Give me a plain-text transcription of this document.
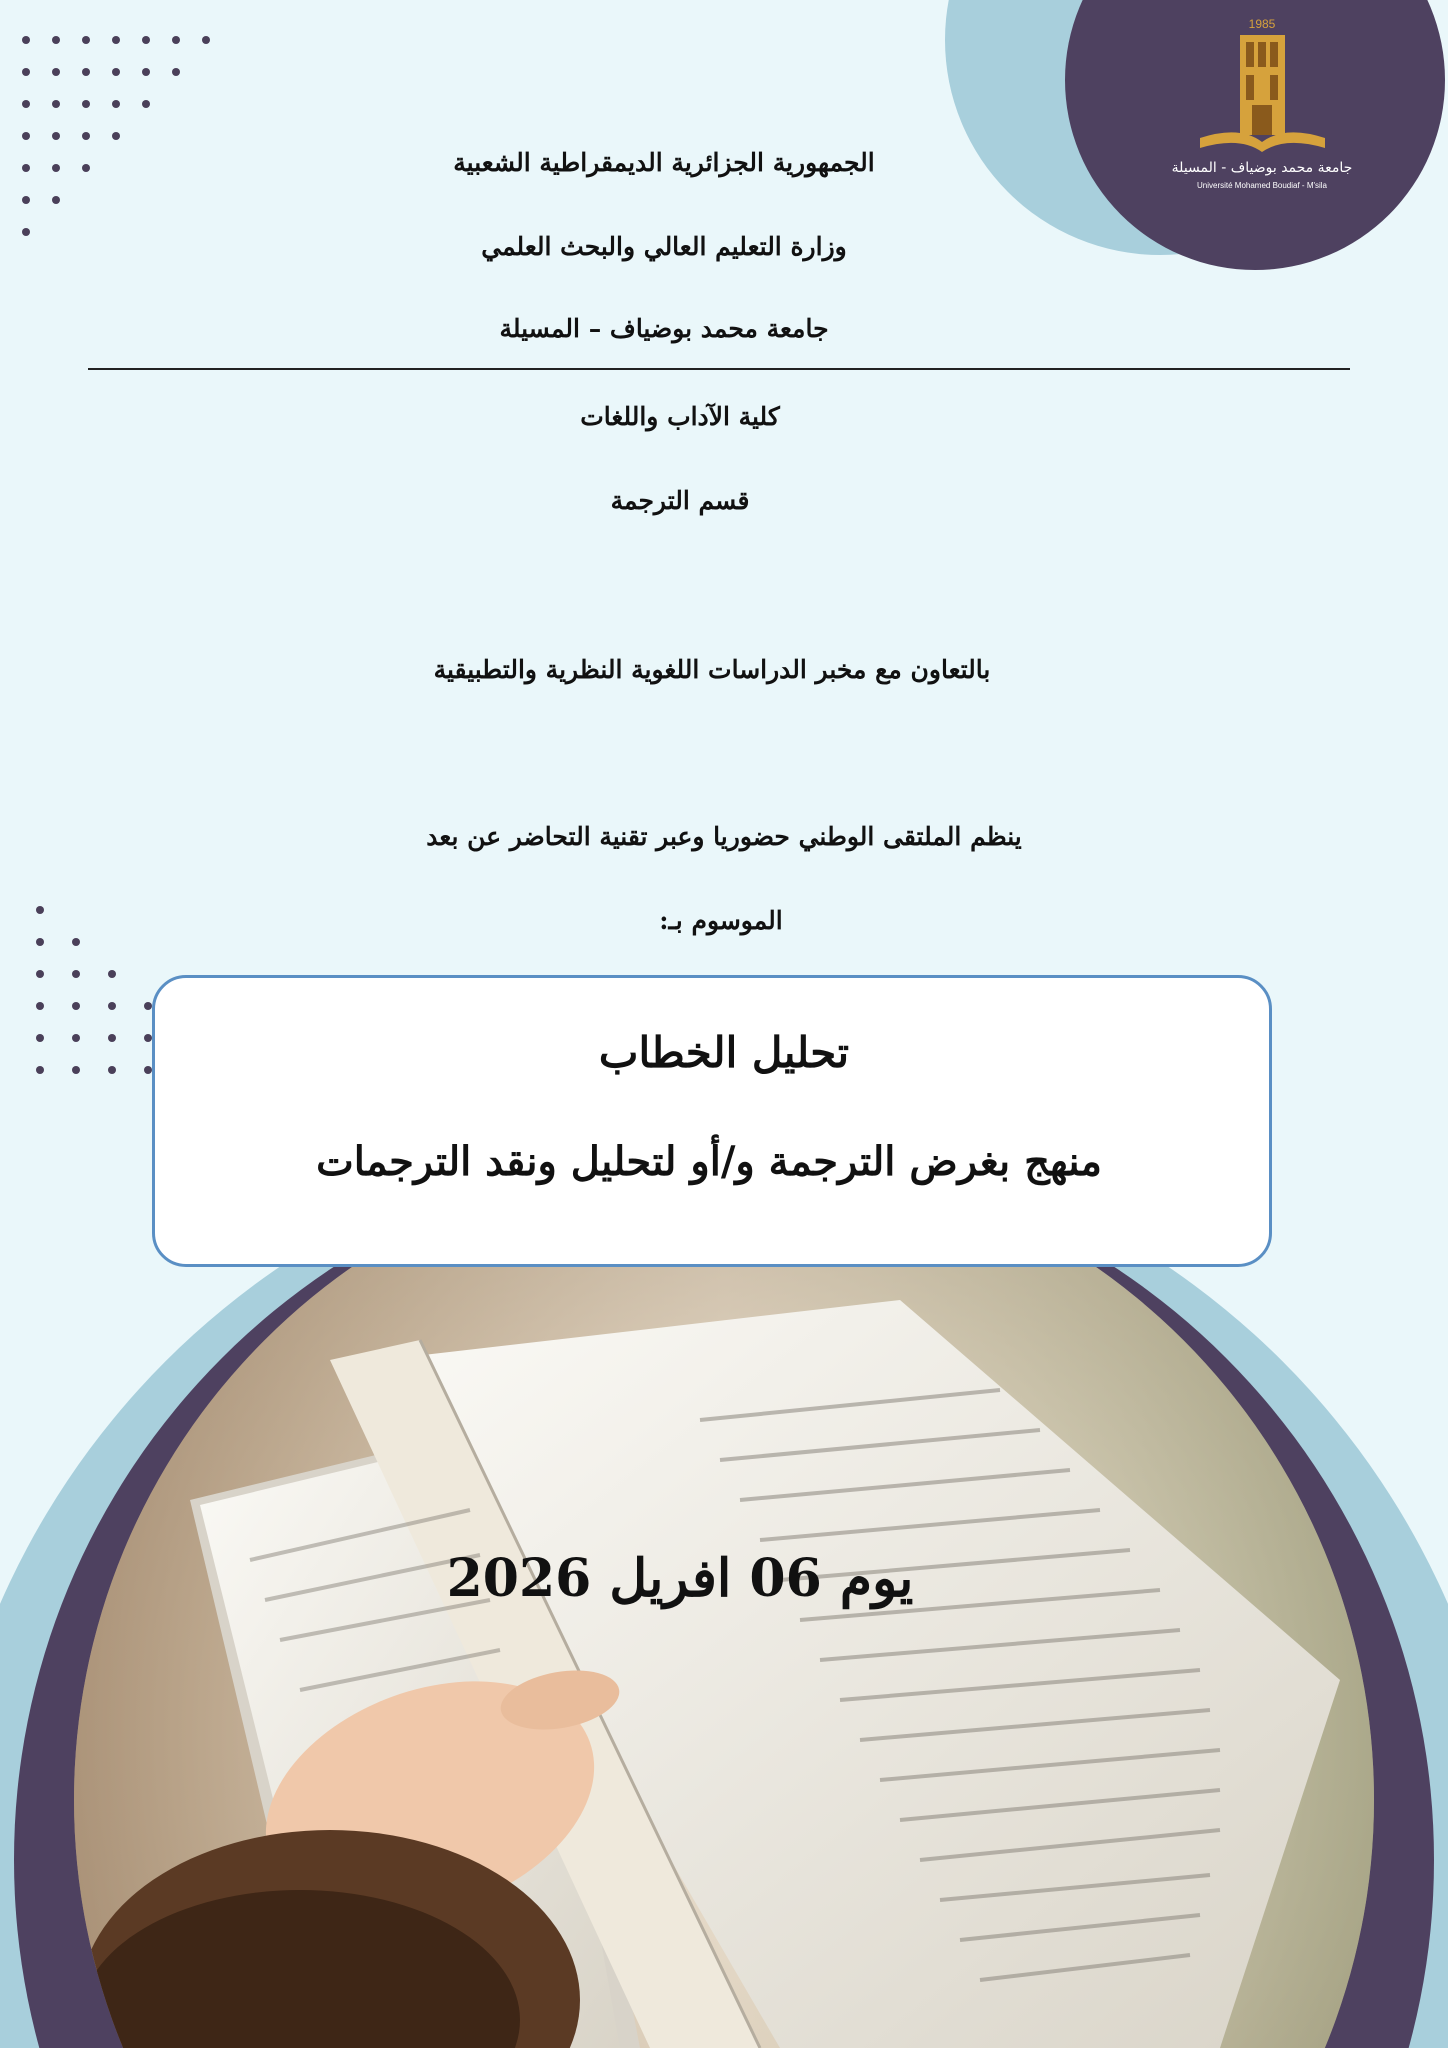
1985
جامعة محمد بوضياف - المسيلة
Université Mohamed Boudiaf - M'sila
الجمهورية الجزائرية الديمقراطية الشعبية
وزارة التعليم العالي والبحث العلمي
جامعة محمد بوضياف – المسيلة
كلية الآداب واللغات
قسم الترجمة
بالتعاون مع مخبر الدراسات اللغوية النظرية والتطبيقية
ينظم الملتقى الوطني حضوريا وعبر تقنية التحاضر عن بعد
الموسوم بـ:
تحليل الخطاب
منهج بغرض الترجمة و/أو لتحليل ونقد الترجمات
يوم 06 افريل 2026
